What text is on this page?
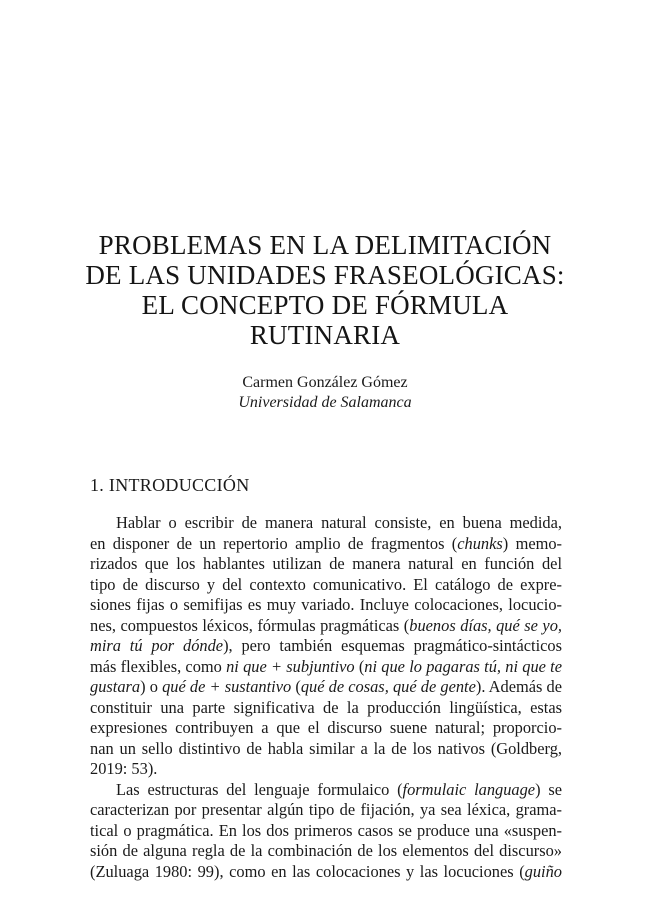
PROBLEMAS EN LA DELIMITACIÓN
DE LAS UNIDADES FRASEOLÓGICAS:
EL CONCEPTO DE FÓRMULA
RUTINARIA
Carmen González Gómez
Universidad de Salamanca
1. INTRODUCCIÓN
Hablar o escribir de manera natural consiste, en buena medida,
en disponer de un repertorio amplio de fragmentos (chunks) memo-
rizados que los hablantes utilizan de manera natural en función del
tipo de discurso y del contexto comunicativo. El catálogo de expre-
siones fijas o semifijas es muy variado. Incluye colocaciones, locucio-
nes, compuestos léxicos, fórmulas pragmáticas (buenos días, qué se yo,
mira tú por dónde), pero también esquemas pragmático-sintácticos
más flexibles, como ni que + subjuntivo (ni que lo pagaras tú, ni que te
gustara) o qué de + sustantivo (qué de cosas, qué de gente). Además de
constituir una parte significativa de la producción lingüística, estas
expresiones contribuyen a que el discurso suene natural; proporcio-
nan un sello distintivo de habla similar a la de los nativos (Goldberg,
2019: 53).
Las estructuras del lenguaje formulaico (formulaic language) se
caracterizan por presentar algún tipo de fijación, ya sea léxica, grama-
tical o pragmática. En los dos primeros casos se produce una «suspen-
sión de alguna regla de la combinación de los elementos del discurso»
(Zuluaga 1980: 99), como en las colocaciones y las locuciones (guiño
